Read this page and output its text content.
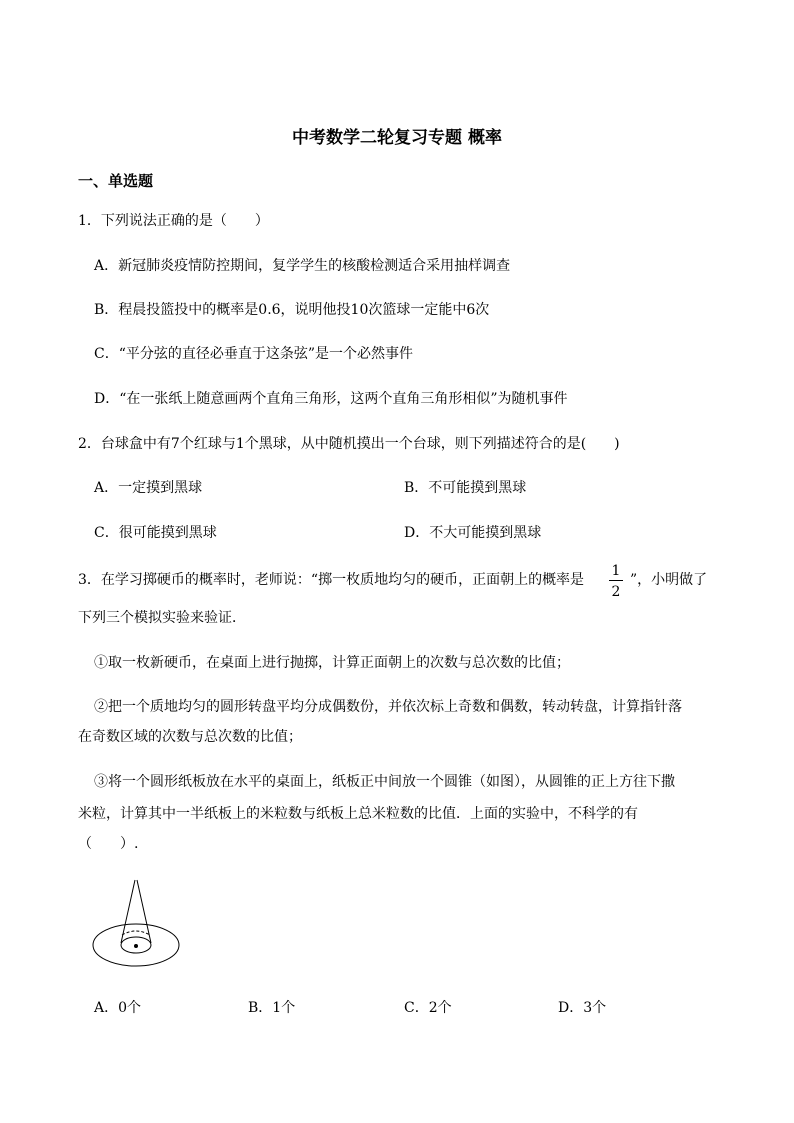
中考数学二轮复习专题 概率
一、单选题
1．下列说法正确的是（　　）
A．新冠肺炎疫情防控期间，复学学生的核酸检测适合采用抽样调查
B．程晨投篮投中的概率是0.6，说明他投10次篮球一定能中6次
C．“平分弦的直径必垂直于这条弦”是一个必然事件
D．“在一张纸上随意画两个直角三角形，这两个直角三角形相似”为随机事件
2．台球盒中有7个红球与1个黑球，从中随机摸出一个台球，则下列描述符合的是(　　)
A．一定摸到黑球	B．不可能摸到黑球
C．很可能摸到黑球	D．不大可能摸到黑球
3．在学习掷硬币的概率时，老师说：“掷一枚质地均匀的硬币，正面朝上的概率是
1
2
”，小明做了
下列三个模拟实验来验证．
①取一枚新硬币，在桌面上进行抛掷，计算正面朝上的次数与总次数的比值；
②把一个质地均匀的圆形转盘平均分成偶数份，并依次标上奇数和偶数，转动转盘，计算指针落
在奇数区域的次数与总次数的比值；
③将一个圆形纸板放在水平的桌面上，纸板正中间放一个圆锥（如图），从圆锥的正上方往下撒
米粒，计算其中一半纸板上的米粒数与纸板上总米粒数的比值．上面的实验中，不科学的有
（　　）.
A．0个	B．1个	C．2个	D．3个
